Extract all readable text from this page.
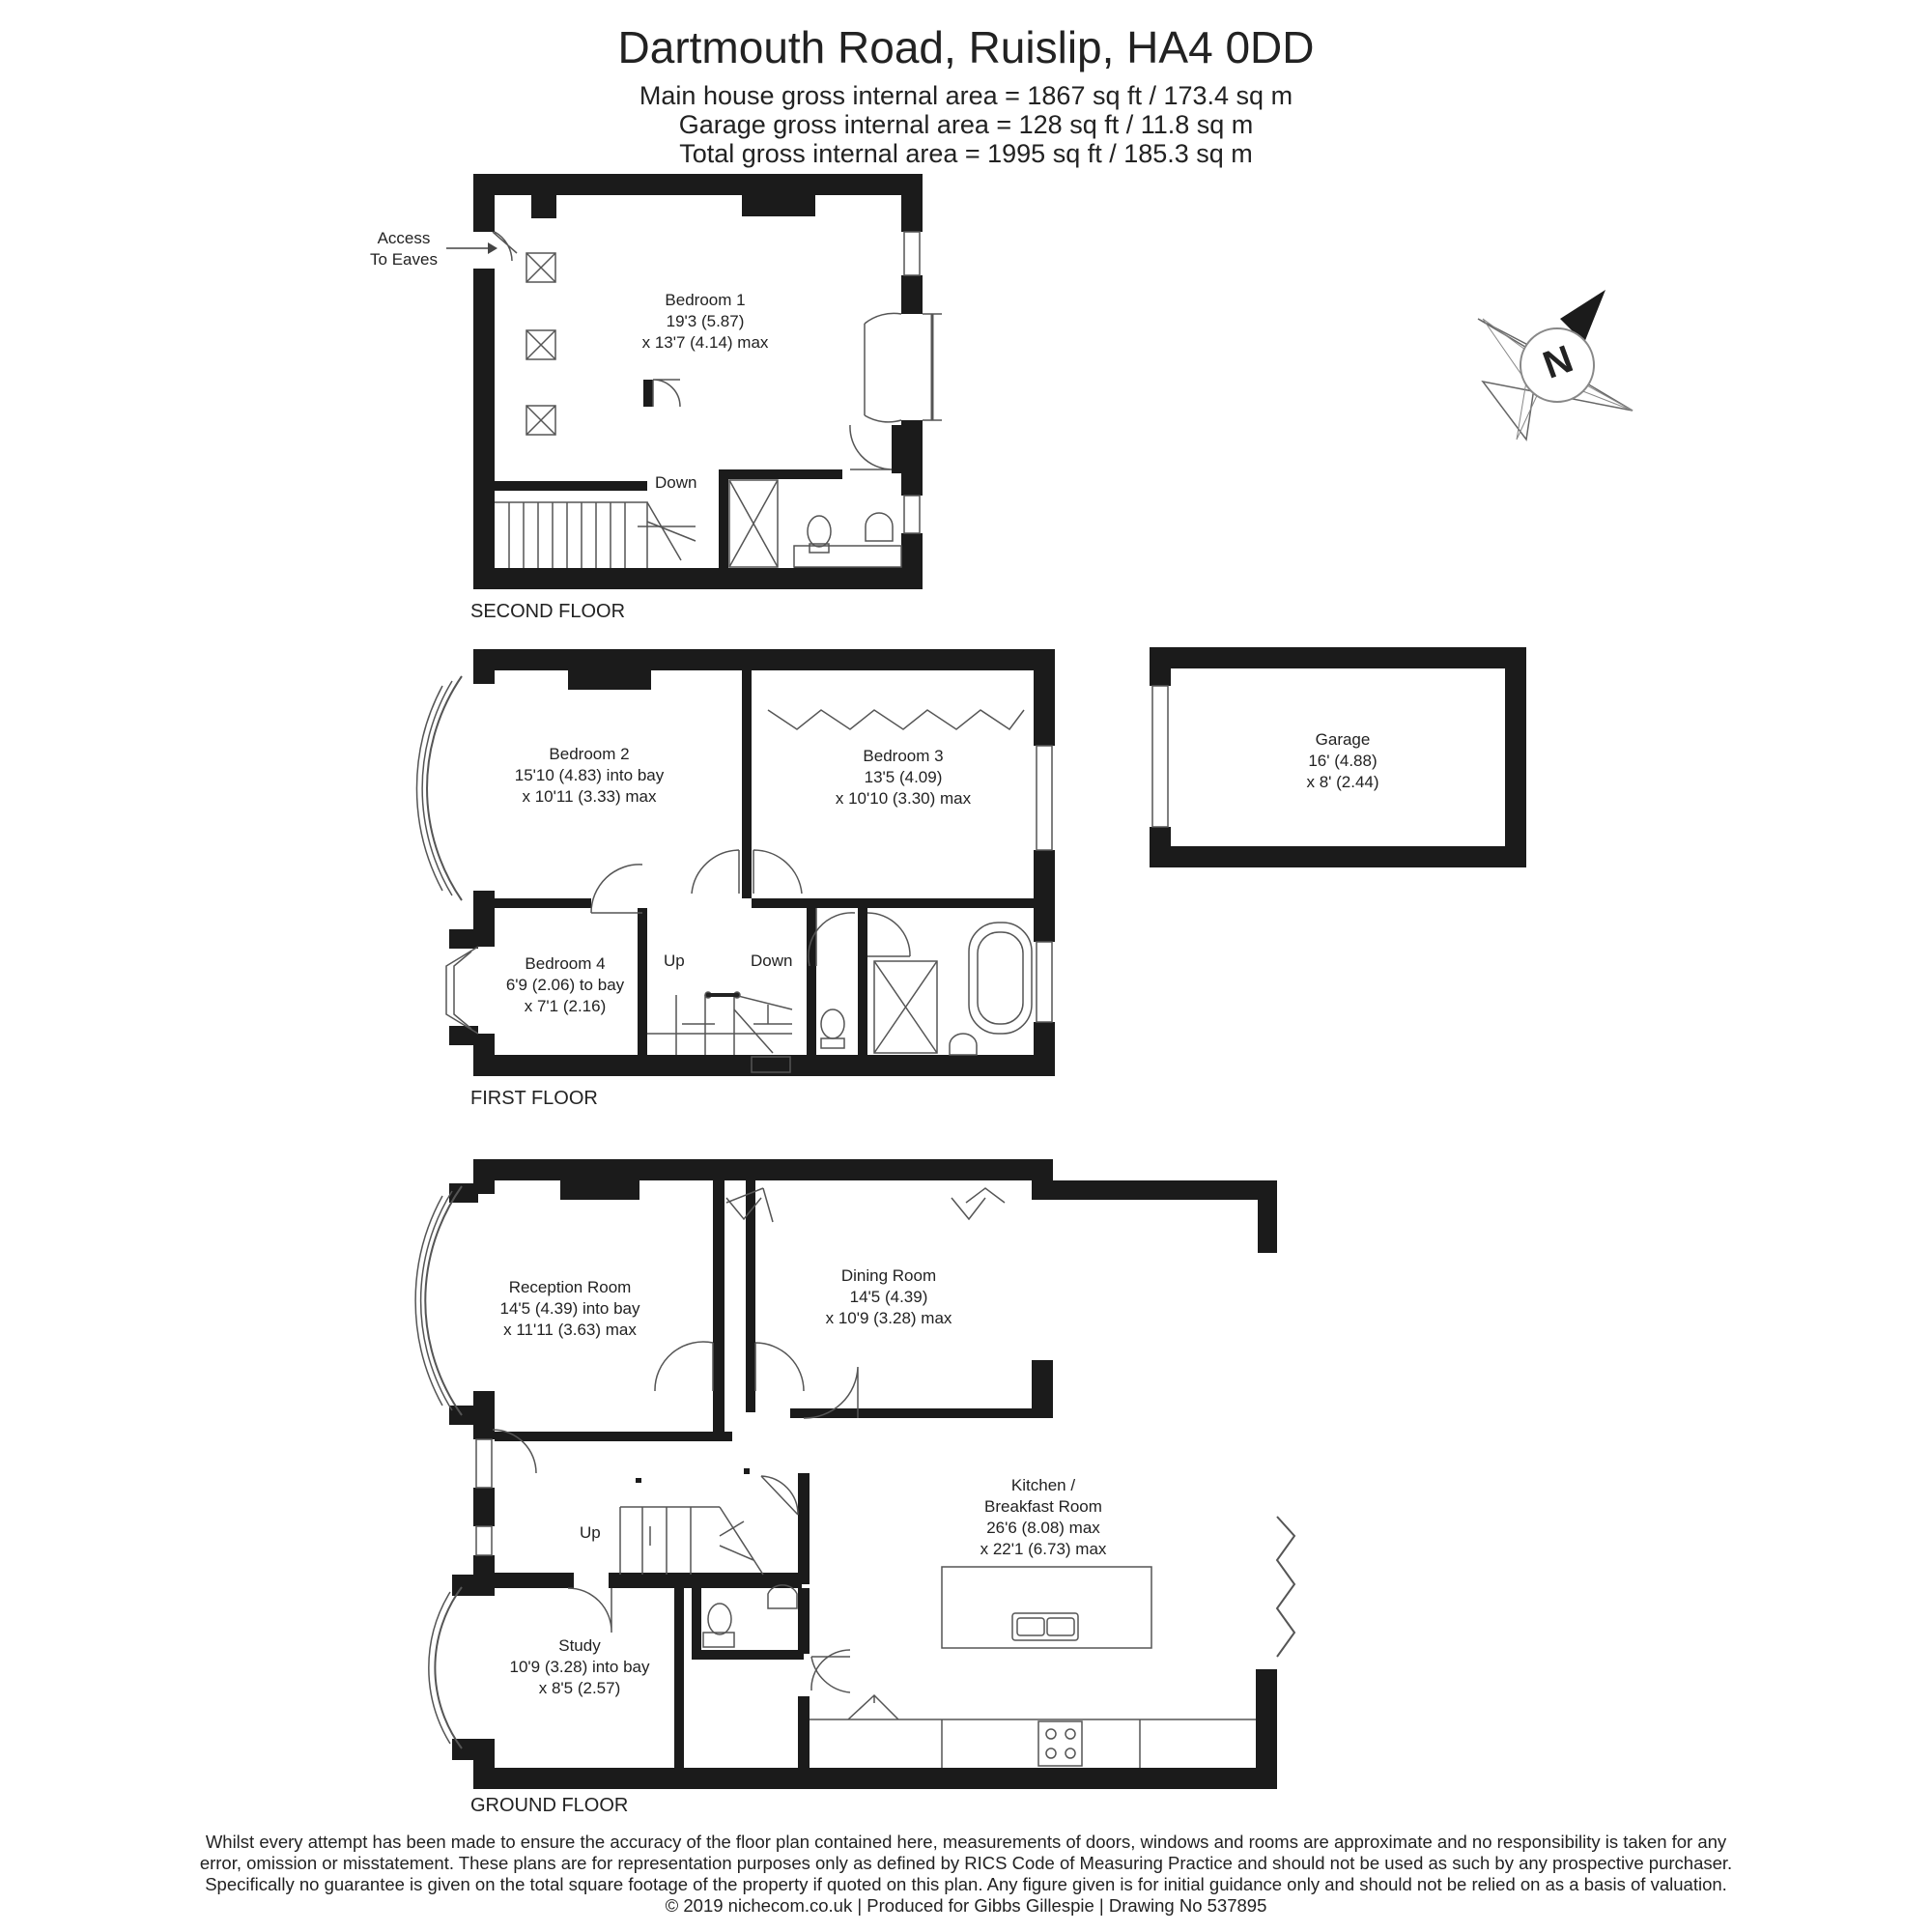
Dartmouth Road, Ruislip, HA4 0DD
Main house gross internal area = 1867 sq ft / 173.4 sq m
Garage gross internal area = 128 sq ft / 11.8 sq m
Total gross internal area = 1995 sq ft / 185.3 sq m
N
SECOND FLOOR
FIRST FLOOR
GROUND FLOOR
Access
To Eaves
Down
Up	Down
Up
Bedroom 1
19'3 (5.87)
x 13'7 (4.14) max
Bedroom 2
15'10 (4.83) into bay
x 10'11 (3.33) max
Bedroom 3
13'5 (4.09)
x 10'10 (3.30) max
Bedroom 4
6'9 (2.06) to bay
x 7'1 (2.16)
Garage
16' (4.88)
x 8' (2.44)
Reception Room
14'5 (4.39) into bay
x 11'11 (3.63) max
Dining Room
14'5 (4.39)
x 10'9 (3.28) max
Kitchen /
Breakfast Room
26'6 (8.08) max
x 22'1 (6.73) max
Study
10'9 (3.28) into bay
x 8'5 (2.57)
Whilst every attempt has been made to ensure the accuracy of the floor plan contained here, measurements of doors, windows and rooms are approximate and no responsibility is taken for any
error, omission or misstatement. These plans are for representation purposes only as defined by RICS Code of Measuring Practice and should not be used as such by any prospective purchaser.
Specifically no guarantee is given on the total square footage of the property if quoted on this plan. Any figure given is for initial guidance only and should not be relied on as a basis of valuation.
© 2019 nichecom.co.uk | Produced for Gibbs Gillespie | Drawing No 537895
